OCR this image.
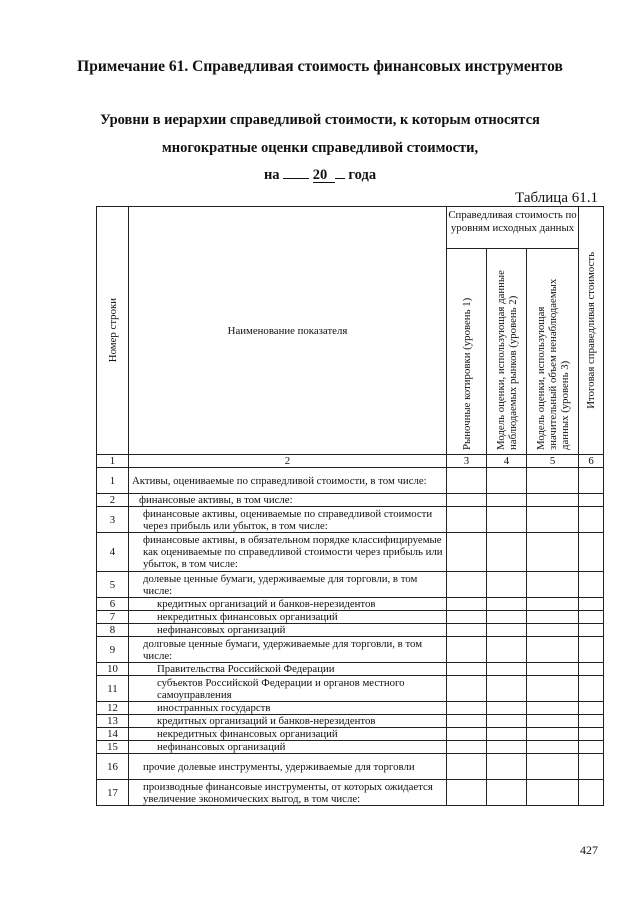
Примечание 61. Справедливая стоимость финансовых инструментов
Уровни в иерархии справедливой стоимости, к которым относятся
многократные оценки справедливой стоимости,
на 20 года
Таблица 61.1
Номер строки	Наименование показателя	Справедливая стоимость по уровням исходных данных			Итоговая справедливая стоимость

		Рыночные котировки (уровень 1)	Модель оценки, использующая данные наблюдаемых рынков (уровень 2)	Модель оценки, использующая значительный объем ненаблюдаемых данных (уровень 3)	

1	2	3	4	5	6
1	Активы, оцениваемые по справедливой стоимости, в том числе:				
2	финансовые активы, в том числе:				
3	финансовые активы, оцениваемые по справедливой стоимости через прибыль или убыток, в том числе:				
4	финансовые активы, в обязательном порядке классифицируемые как оцениваемые по справедливой стоимости через прибыль или убыток, в том числе:				
5	долевые ценные бумаги, удерживаемые для торговли, в том числе:				
6	кредитных организаций и банков-нерезидентов				
7	некредитных финансовых организаций				
8	нефинансовых организаций				
9	долговые ценные бумаги, удерживаемые для торговли, в том числе:				
10	Правительства Российской Федерации				
11	субъектов Российской Федерации и органов местного самоуправления				
12	иностранных государств				
13	кредитных организаций и банков-нерезидентов				
14	некредитных финансовых организаций				
15	нефинансовых организаций				
16	прочие долевые инструменты, удерживаемые для торговли				
17	производные финансовые инструменты, от которых ожидается увеличение экономических выгод, в том числе:				
427
